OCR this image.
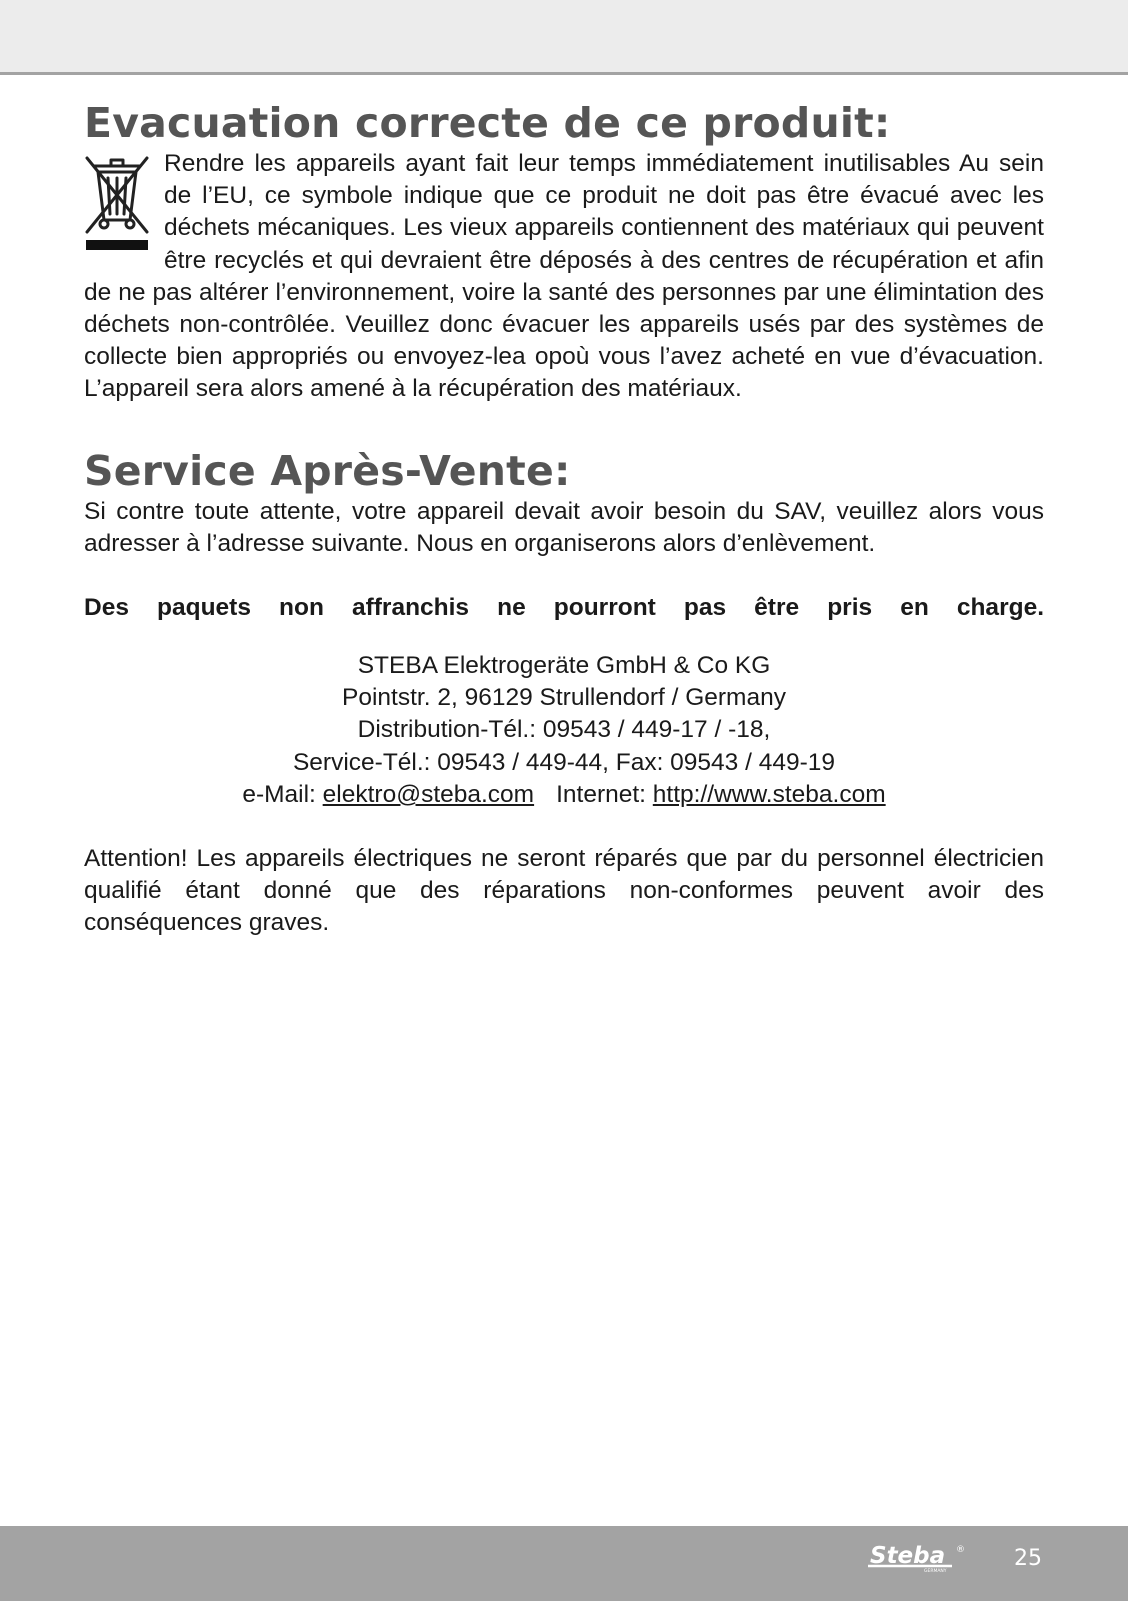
Evacuation correcte de ce produit:

Rendre les appareils ayant fait leur temps immédiatement inutilisables Au sein de l’EU, ce symbole indique que ce produit ne doit pas être évacué avec les déchets mécaniques. Les vieux appareils contiennent des matériaux qui peuvent être recyclés et qui devraient être déposés à des centres de récupération et afin de ne pas altérer l’environnement, voire la santé des personnes par une élimintation des déchets non-contrôlée. Veuillez donc évacuer les appareils usés par des systèmes de collecte bien appropriés ou envoyez-lea opoù vous l’avez acheté en vue d’évacuation. L’appareil sera alors amené à la récupération des matériaux.

Service Après-Vente:

Si contre toute attente, votre appareil devait avoir besoin du SAV, veuillez alors vous adresser à l’adresse suivante. Nous en organiserons alors d’enlèvement.

Des paquets non affranchis ne pourront pas être pris en charge.

STEBA Elektrogeräte GmbH & Co KG

Pointstr. 2, 96129 Strullendorf / Germany

Distribution-Tél.: 09543 / 449-17 / -18,

Service-Tél.: 09543 / 449-44, Fax: 09543 / 449-19

e-Mail: elektro@steba.com Internet: http://www.steba.com

Attention! Les appareils électriques ne seront réparés que par du personnel électricien qualifié étant donné que des réparations non-conformes peuvent avoir des conséquences graves.

Steba ®
GERMANY
25
